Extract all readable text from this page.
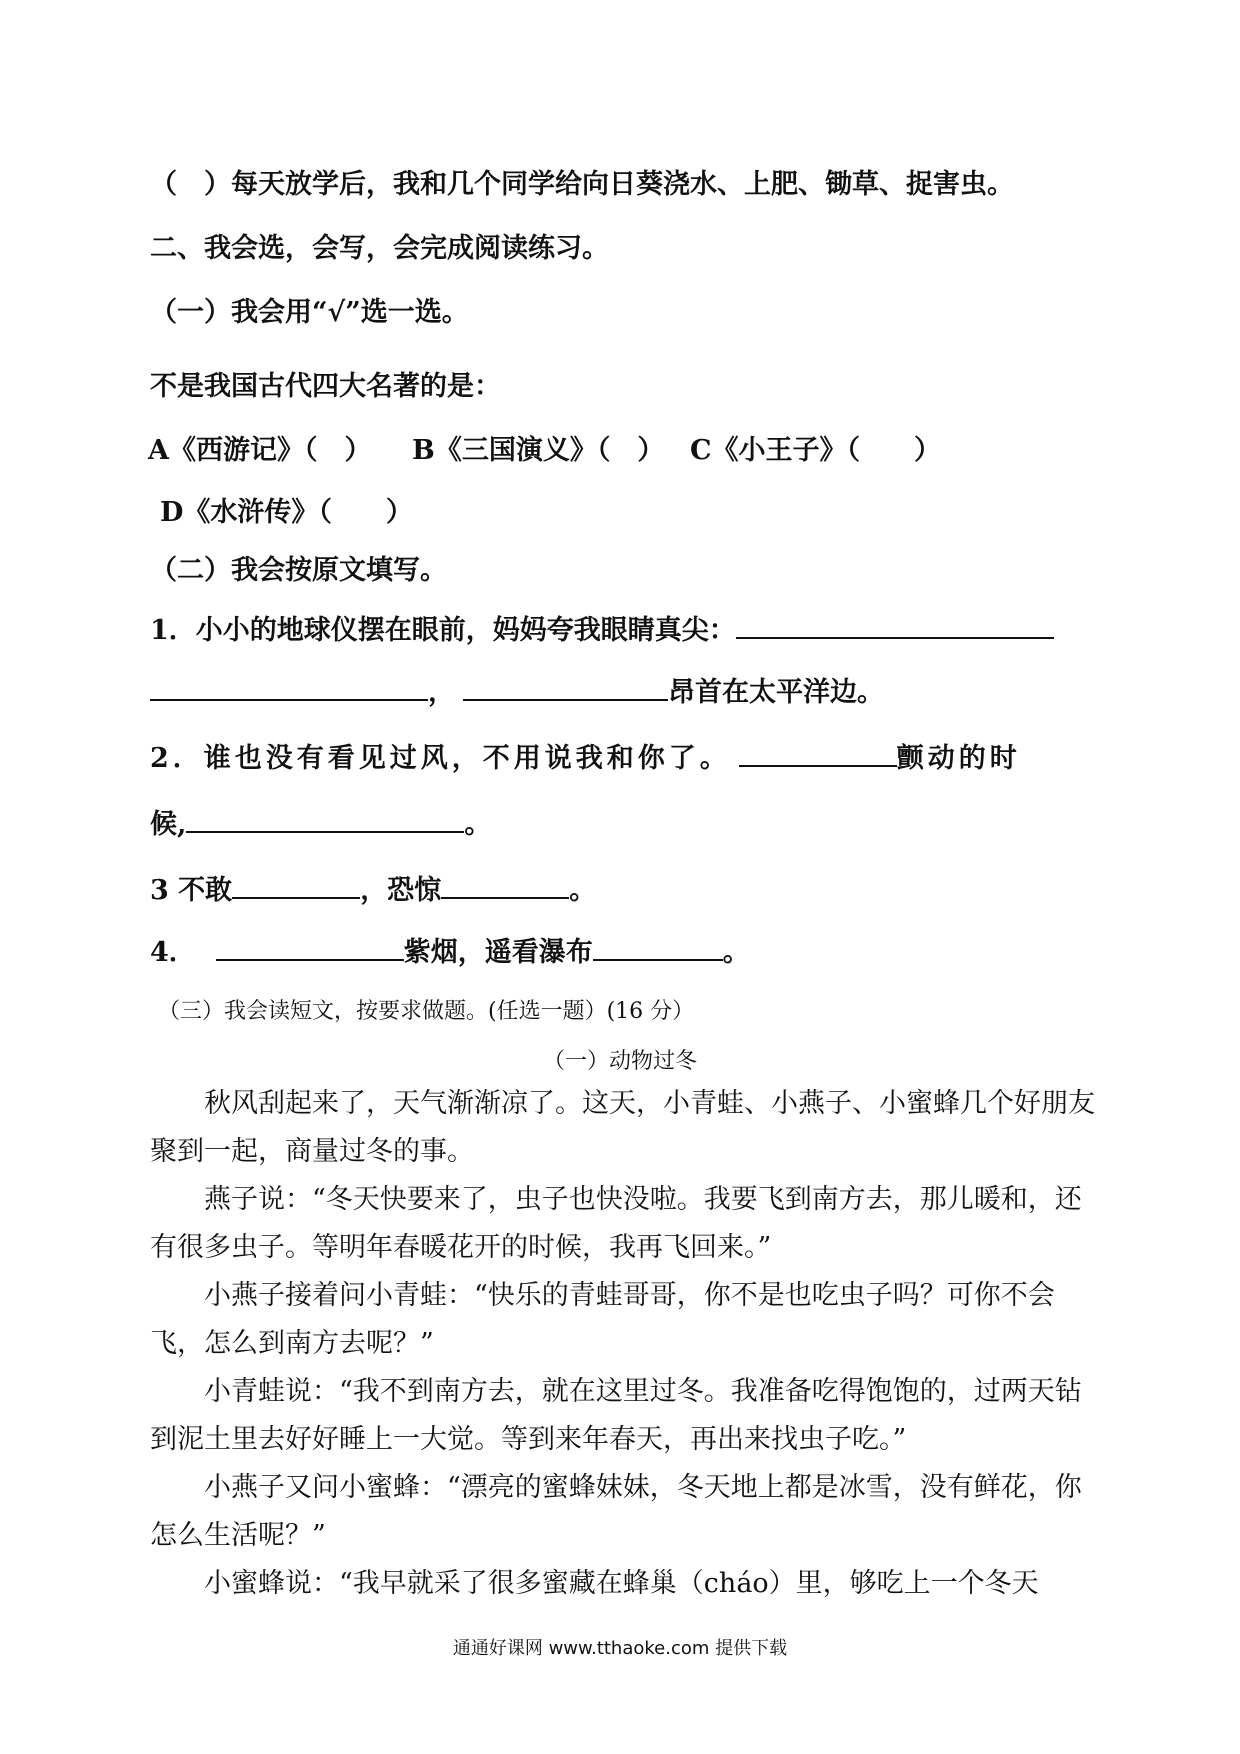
（　）每天放学后，我和几个同学给向日葵浇水、上肥、锄草、捉害虫。
二、我会选，会写，会完成阅读练习。
（一）我会用“√”选一选。
不是我国古代四大名著的是：
A《西游记》（　） B《三国演义》（　） C《小王子》（　　）
D《水浒传》（　　）
（二）我会按原文填写。
1．小小的地球仪摆在眼前，妈妈夸我眼睛真尖：
，	昂首在太平洋边。
2．谁也没有看见过风，不用说我和你了。	颤动的时
候,	。
3 不敢	，恐惊	。
4．	紫烟，遥看瀑布	。
（三）我会读短文，按要求做题。(任选一题）(16 分）
（一）动物过冬
秋风刮起来了，天气渐渐凉了。这天，小青蛙、小燕子、小蜜蜂几个好朋友聚到一起，商量过冬的事。
燕子说：“冬天快要来了，虫子也快没啦。我要飞到南方去，那儿暖和，还有很多虫子。等明年春暖花开的时候，我再飞回来。”
小燕子接着问小青蛙：“快乐的青蛙哥哥，你不是也吃虫子吗？可你不会飞，怎么到南方去呢？”
小青蛙说：“我不到南方去，就在这里过冬。我准备吃得饱饱的，过两天钻到泥土里去好好睡上一大觉。等到来年春天，再出来找虫子吃。”
小燕子又问小蜜蜂：“漂亮的蜜蜂妹妹，冬天地上都是冰雪，没有鲜花，你怎么生活呢？”
小蜜蜂说：“我早就采了很多蜜藏在蜂巢（cháo）里，够吃上一个冬天
通通好课网 www.tthaoke.com 提供下载
